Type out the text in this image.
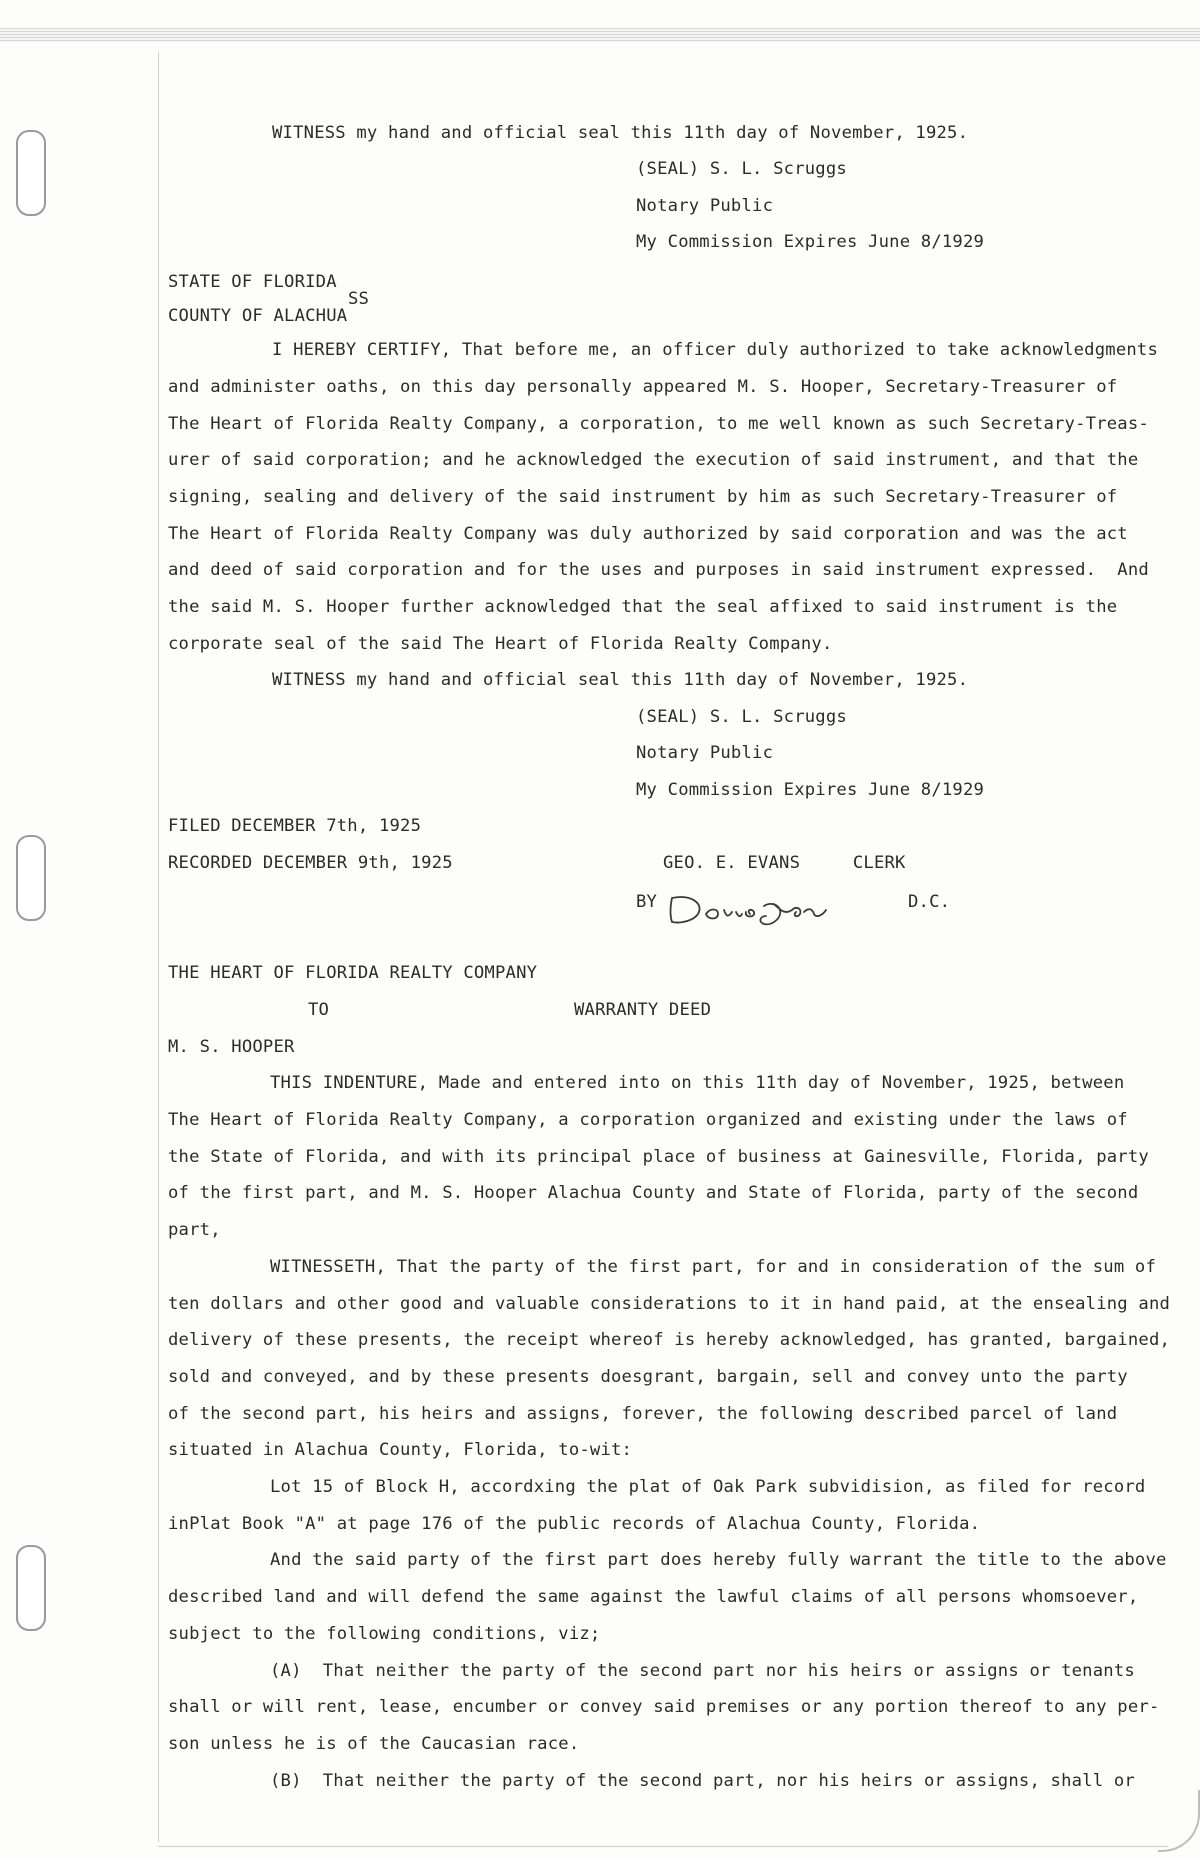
WITNESS my hand and official seal this 11th day of November, 1925.
(SEAL) S. L. Scruggs
Notary Public
My Commission Expires June 8/1929
STATE OF FLORIDA
SS
COUNTY OF ALACHUA
I HEREBY CERTIFY, That before me, an officer duly authorized to take acknowledgments
and administer oaths, on this day personally appeared M. S. Hooper, Secretary-Treasurer of
The Heart of Florida Realty Company, a corporation, to me well known as such Secretary-Treas-
urer of said corporation; and he acknowledged the execution of said instrument, and that the
signing, sealing and delivery of the said instrument by him as such Secretary-Treasurer of
The Heart of Florida Realty Company was duly authorized by said corporation and was the act
and deed of said corporation and for the uses and purposes in said instrument expressed.  And
the said M. S. Hooper further acknowledged that the seal affixed to said instrument is the
corporate seal of the said The Heart of Florida Realty Company.
WITNESS my hand and official seal this 11th day of November, 1925.
(SEAL) S. L. Scruggs
Notary Public
My Commission Expires June 8/1929
FILED DECEMBER 7th, 1925
RECORDED DECEMBER 9th, 1925	GEO. E. EVANS     CLERK
BY	D.C.
THE HEART OF FLORIDA REALTY COMPANY
TO	WARRANTY DEED
M. S. HOOPER
THIS INDENTURE, Made and entered into on this 11th day of November, 1925, between
The Heart of Florida Realty Company, a corporation organized and existing under the laws of
the State of Florida, and with its principal place of business at Gainesville, Florida, party
of the first part, and M. S. Hooper Alachua County and State of Florida, party of the second
part,
WITNESSETH, That the party of the first part, for and in consideration of the sum of
ten dollars and other good and valuable considerations to it in hand paid, at the ensealing and
delivery of these presents, the receipt whereof is hereby acknowledged, has granted, bargained,
sold and conveyed, and by these presents doesgrant, bargain, sell and convey unto the party
of the second part, his heirs and assigns, forever, the following described parcel of land
situated in Alachua County, Florida, to-wit:
Lot 15 of Block H, accordxing the plat of Oak Park subvidision, as filed for record
inPlat Book "A" at page 176 of the public records of Alachua County, Florida.
And the said party of the first part does hereby fully warrant the title to the above
described land and will defend the same against the lawful claims of all persons whomsoever,
subject to the following conditions, viz;
(A)  That neither the party of the second part nor his heirs or assigns or tenants
shall or will rent, lease, encumber or convey said premises or any portion thereof to any per-
son unless he is of the Caucasian race.
(B)  That neither the party of the second part, nor his heirs or assigns, shall or
